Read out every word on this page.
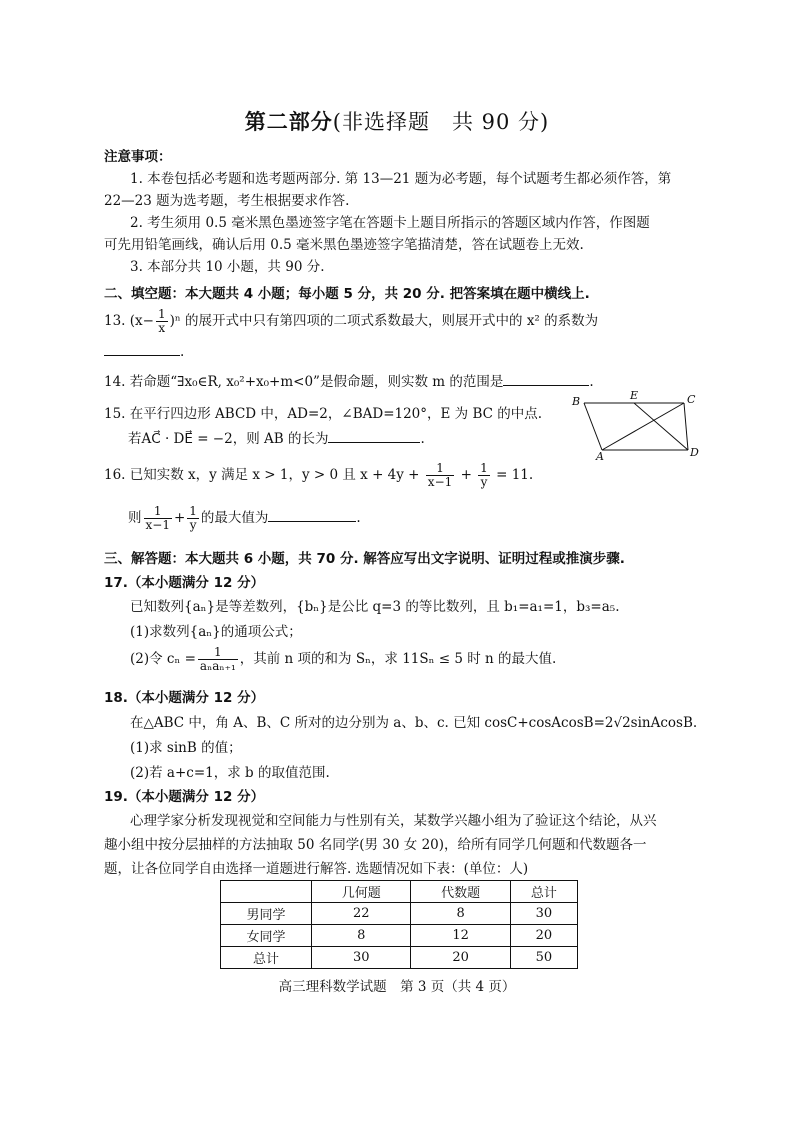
第二部分(非选择题　共 90 分)
注意事项：
1. 本卷包括必考题和选考题两部分. 第 13—21 题为必考题，每个试题考生都必须作答，第
22—23 题为选考题，考生根据要求作答.
2. 考生须用 0.5 毫米黑色墨迹签字笔在答题卡上题目所指示的答题区域内作答，作图题
可先用铅笔画线，确认后用 0.5 毫米黑色墨迹签字笔描清楚，答在试题卷上无效.
3. 本部分共 10 小题，共 90 分.
二、填空题：本大题共 4 小题；每小题 5 分，共 20 分. 把答案填在题中横线上.
13. $(x- \frac{1}{x} )^n$ 的展开式中只有第四项的二项式系数最大，则展开式中的 x² 的系数为
.
14. 若命题“∃x₀∈R, x₀²+x₀+m<0”是假命题，则实数 m 的范围是	.
15. 在平行四边形 ABCD 中，AD=2，∠BAD=120°，E 为 BC 的中点.
若AC⃗ · DE⃗ = −2，则 AB 的长为	.
B	E	C
A	D
16. 已知实数 x，y 满足 x > 1，y > 0 且 $x + 4y + \frac{1}{x-1} + \frac{1}{y} = 11$.
则 $\frac{1}{x-1} + \frac{1}{y}$ 的最大值为	.
三、解答题：本大题共 6 小题，共 70 分. 解答应写出文字说明、证明过程或推演步骤.
17.（本小题满分 12 分）
已知数列{aₙ}是等差数列，{bₙ}是公比 q=3 的等比数列，且 b₁=a₁=1，b₃=a₅.
(1)求数列{aₙ}的通项公式；
(2)令 $c_n = \frac{1}{\text{aₙaₙ₊₁}}$ ，其前 n 项的和为 Sₙ，求 11Sₙ ≤ 5 时 n 的最大值.
18.（本小题满分 12 分）
在△ABC 中，角 A、B、C 所对的边分别为 a、b、c. 已知 cosC+cosAcosB=2√2sinAcosB.
(1)求 sinB 的值；
(2)若 a+c=1，求 b 的取值范围.
19.（本小题满分 12 分）
心理学家分析发现视觉和空间能力与性别有关，某数学兴趣小组为了验证这个结论，从兴
趣小组中按分层抽样的方法抽取 50 名同学(男 30 女 20)，给所有同学几何题和代数题各一
题，让各位同学自由选择一道题进行解答. 选题情况如下表：(单位：人)
	几何题	代数题	总计
男同学	22	8	30
女同学	8	12	20
总计	30	20	50
高三理科数学试题　第 3 页（共 4 页）
